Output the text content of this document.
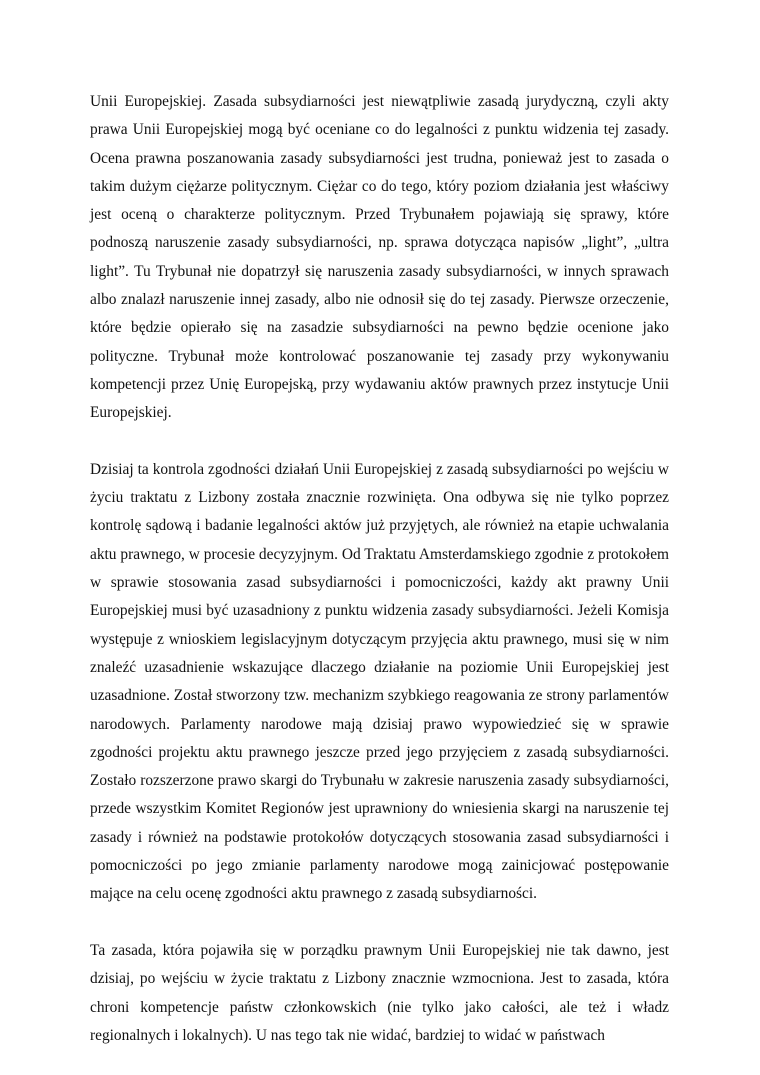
Unii Europejskiej. Zasada subsydiarności jest niewątpliwie zasadą jurydyczną, czyli akty prawa Unii Europejskiej mogą być oceniane co do legalności z punktu widzenia tej zasady. Ocena prawna poszanowania zasady subsydiarności jest trudna, ponieważ jest to zasada o takim dużym ciężarze politycznym. Ciężar co do tego, który poziom działania jest właściwy jest oceną o charakterze politycznym. Przed Trybunałem pojawiają się sprawy, które podnoszą naruszenie zasady subsydiarności, np. sprawa dotycząca napisów „light”, „ultra light”. Tu Trybunał nie dopatrzył się naruszenia zasady subsydiarności, w innych sprawach albo znalazł naruszenie innej zasady, albo nie odnosił się do tej zasady. Pierwsze orzeczenie, które będzie opierało się na zasadzie subsydiarności na pewno będzie ocenione jako polityczne. Trybunał może kontrolować poszanowanie tej zasady przy wykonywaniu kompetencji przez Unię Europejską, przy wydawaniu aktów prawnych przez instytucje Unii Europejskiej.

Dzisiaj ta kontrola zgodności działań Unii Europejskiej z zasadą subsydiarności po wejściu w życiu traktatu z Lizbony została znacznie rozwinięta. Ona odbywa się nie tylko poprzez kontrolę sądową i badanie legalności aktów już przyjętych, ale również na etapie uchwalania aktu prawnego, w procesie decyzyjnym. Od Traktatu Amsterdamskiego zgodnie z protokołem w sprawie stosowania zasad subsydiarności i pomocniczości, każdy akt prawny Unii Europejskiej musi być uzasadniony z punktu widzenia zasady subsydiarności. Jeżeli Komisja występuje z wnioskiem legislacyjnym dotyczącym przyjęcia aktu prawnego, musi się w nim znaleźć uzasadnienie wskazujące dlaczego działanie na poziomie Unii Europejskiej jest uzasadnione. Został stworzony tzw. mechanizm szybkiego reagowania ze strony parlamentów narodowych. Parlamenty narodowe mają dzisiaj prawo wypowiedzieć się w sprawie zgodności projektu aktu prawnego jeszcze przed jego przyjęciem z zasadą subsydiarności. Zostało rozszerzone prawo skargi do Trybunału w zakresie naruszenia zasady subsydiarności, przede wszystkim Komitet Regionów jest uprawniony do wniesienia skargi na naruszenie tej zasady i również na podstawie protokołów dotyczących stosowania zasad subsydiarności i pomocniczości po jego zmianie parlamenty narodowe mogą zainicjować postępowanie mające na celu ocenę zgodności aktu prawnego z zasadą subsydiarności.

Ta zasada, która pojawiła się w porządku prawnym Unii Europejskiej nie tak dawno, jest dzisiaj, po wejściu w życie traktatu z Lizbony znacznie wzmocniona. Jest to zasada, która chroni kompetencje państw członkowskich (nie tylko jako całości, ale też i władz regionalnych i lokalnych). U nas tego tak nie widać, bardziej to widać w państwach
